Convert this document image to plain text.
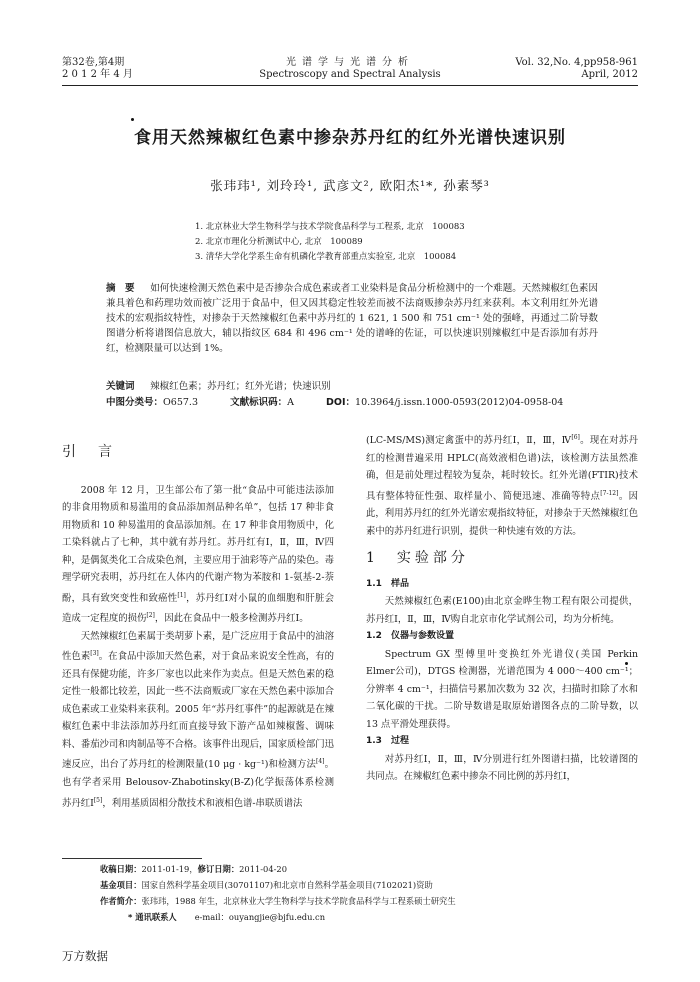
第32卷,第4期
2 0 1 2 年 4 月
光谱学与光谱分析
Spectroscopy and Spectral Analysis
Vol. 32,No. 4,pp958-961
April, 2012
食用天然辣椒红色素中掺杂苏丹红的红外光谱快速识别
张玮玮¹, 刘玲玲¹, 武彦文², 欧阳杰¹*, 孙素琴³
1. 北京林业大学生物科学与技术学院食品科学与工程系, 北京　100083
2. 北京市理化分析测试中心, 北京　100089
3. 清华大学化学系生命有机磷化学教育部重点实验室, 北京　100084
摘　要 　 如何快速检测天然色素中是否掺杂合成色素或者工业染料是食品分析检测中的一个难题。天然辣椒红色素因兼具着色和药理功效而被广泛用于食品中，但又因其稳定性较差而被不法商贩掺杂苏丹红来获利。本文利用红外光谱技术的宏观指纹特性，对掺杂于天然辣椒红色素中苏丹红的 1 621, 1 500 和 751 cm⁻¹ 处的强峰，再通过二阶导数图谱分析将谱图信息放大，辅以指纹区 684 和 496 cm⁻¹ 处的谱峰的佐证，可以快速识别辣椒红中是否添加有苏丹红，检测限量可以达到 1%。
关键词 　 辣椒红色素；苏丹红；红外光谱；快速识别
中图分类号：O657.3	文献标识码：A	DOI：10.3964/j.issn.1000-0593(2012)04-0958-04
引　言

2008 年 12 月，卫生部公布了第一批“食品中可能违法添加的非食用物质和易滥用的食品添加剂品种名单”，包括 17 种非食用物质和 10 种易滥用的食品添加剂。在 17 种非食用物质中，化工染料就占了七种，其中就有苏丹红。苏丹红有Ⅰ，Ⅱ，Ⅲ，Ⅳ四种，是偶氮类化工合成染色剂，主要应用于油彩等产品的染色。毒理学研究表明，苏丹红在人体内的代谢产物为苯胺和 1-氨基-2-萘酚，具有致突变性和致癌性[1]，苏丹红Ⅰ对小鼠的血细胞和肝脏会造成一定程度的损伤[2]，因此在食品中一般多检测苏丹红Ⅰ。

天然辣椒红色素属于类胡萝卜素，是广泛应用于食品中的油溶性色素[3]。在食品中添加天然色素，对于食品来说安全性高，有的还具有保健功能，许多厂家也以此来作为卖点。但是天然色素的稳定性一般都比较差，因此一些不法商贩或厂家在天然色素中添加合成色素或工业染料来获利。2005 年“苏丹红事件”的起源就是在辣椒红色素中非法添加苏丹红而直接导致下游产品如辣椒酱、调味料、番茄沙司和肉制品等不合格。该事件出现后，国家质检部门迅速反应，出台了苏丹红的检测限量(10 μg · kg⁻¹)和检测方法[4]。也有学者采用 Belousov-Zhabotinsky(B-Z)化学振荡体系检测苏丹红Ⅰ[5]，利用基质固相分散技术和液相色谱-串联质谱法

(LC-MS/MS)测定禽蛋中的苏丹红Ⅰ，Ⅱ，Ⅲ，Ⅳ[6]。现在对苏丹红的检测普遍采用 HPLC(高效液相色谱)法，该检测方法虽然准确，但是前处理过程较为复杂，耗时较长。红外光谱(FTIR)技术具有整体特征性强、取样量小、简便迅速、准确等特点[7-12]。因此，利用苏丹红的红外光谱宏观指纹特征，对掺杂于天然辣椒红色素中的苏丹红进行识别，提供一种快速有效的方法。

1　实验部分
1.1　样品

天然辣椒红色素(E100)由北京金晔生物工程有限公司提供，苏丹红Ⅰ，Ⅱ，Ⅲ，Ⅳ购自北京市化学试剂公司，均为分析纯。

1.2　仪器与参数设置

Spectrum GX 型傅里叶变换红外光谱仪(美国 Perkin Elmer公司)，DTGS 检测器，光谱范围为 4 000～400 cm⁻¹；分辨率 4 cm⁻¹，扫描信号累加次数为 32 次，扫描时扣除了水和二氧化碳的干扰。二阶导数谱是取原始谱图各点的二阶导数，以 13 点平滑处理获得。

1.3　过程

对苏丹红Ⅰ，Ⅱ，Ⅲ，Ⅳ分别进行红外图谱扫描，比较谱图的共同点。在辣椒红色素中掺杂不同比例的苏丹红Ⅰ，

收稿日期：2011-01-19，修订日期：2011-04-20
基金项目：国家自然科学基金项目(30701107)和北京市自然科学基金项目(7102021)资助
作者简介：张玮玮，1988 年生，北京林业大学生物科学与技术学院食品科学与工程系硕士研究生
* 通讯联系人 e-mail：ouyangjie@bjfu.edu.cn
万方数据
